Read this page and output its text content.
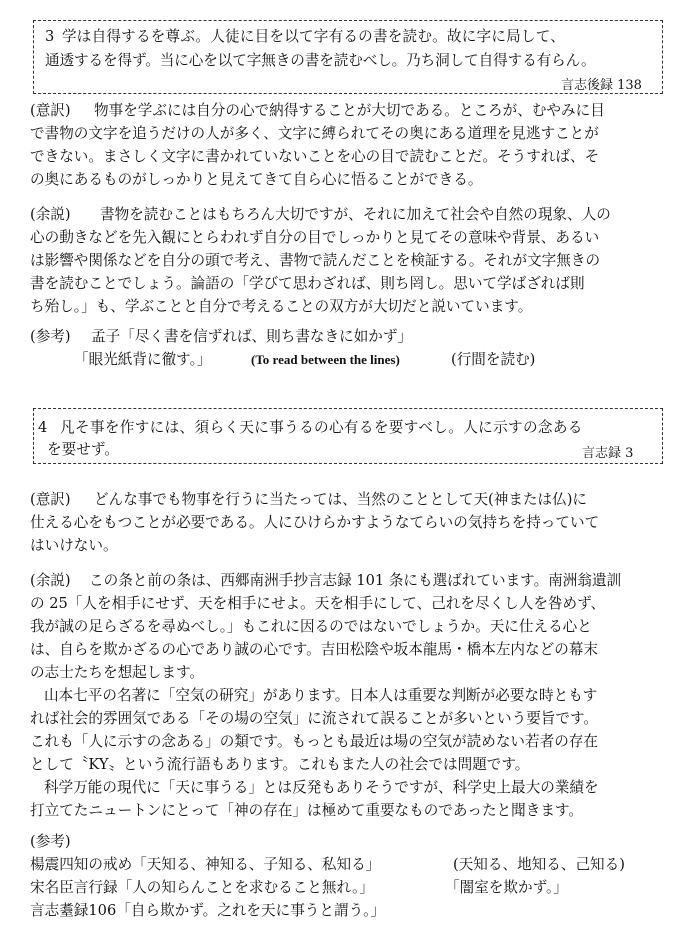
3 学は自得するを尊ぶ。人徒に目を以て字有るの書を読む。故に字に局して、
通透するを得ず。当に心を以て字無きの書を読むべし。乃ち洞して自得する有らん。
言志後録 138
(意訳) 物事を学ぶには自分の心で納得することが大切である。ところが、むやみに目
で書物の文字を追うだけの人が多く、文字に縛られてその奥にある道理を見逃すことが
できない。まさしく文字に書かれていないことを心の目で読むことだ。そうすれば、そ
の奥にあるものがしっかりと見えてきて自ら心に悟ることができる。
(余説) 書物を読むことはもちろん大切ですが、それに加えて社会や自然の現象、人の
心の動きなどを先入観にとらわれず自分の目でしっかりと見てその意味や背景、あるい
は影響や関係などを自分の頭で考え、書物で読んだことを検証する。それが文字無きの
書を読むことでしょう。論語の「学びて思わざれば、則ち罔し。思いて学ばざれば則
ち殆し。」も、学ぶことと自分で考えることの双方が大切だと説いています。
(参考) 孟子「尽く書を信ずれば、則ち書なきに如かず」
「眼光紙背に徹す。」	(To read between the lines)	(行間を読む)
4 凡そ事を作すには、須らく天に事うるの心有るを要すべし。人に示すの念ある
を要せず。	言志録 3
(意訳) どんな事でも物事を行うに当たっては、当然のこととして天(神または仏)に
仕える心をもつことが必要である。人にひけらかすようなてらいの気持ちを持っていて
はいけない。
(余説) この条と前の条は、西郷南洲手抄言志録 101 条にも選ばれています。南洲翁遺訓
の 25「人を相手にせず、天を相手にせよ。天を相手にして、己れを尽くし人を咎めず、
我が誠の足らざるを尋ぬべし。」もこれに因るのではないでしょうか。天に仕える心と
は、自らを欺かざるの心であり誠の心です。吉田松陰や坂本龍馬・橋本左内などの幕末
の志士たちを想起します。
山本七平の名著に「空気の研究」があります。日本人は重要な判断が必要な時ともす
れば社会的雰囲気である「その場の空気」に流されて誤ることが多いという要旨です。
これも「人に示すの念ある」の類です。もっとも最近は場の空気が読めない若者の存在
として〝KY〟という流行語もあります。これもまた人の社会では問題です。
科学万能の現代に「天に事うる」とは反発もありそうですが、科学史上最大の業績を
打立てたニュートンにとって「神の存在」は極めて重要なものであったと聞きます。
(参考)
楊震四知の戒め「天知る、神知る、子知る、私知る」	(天知る、地知る、己知る)
宋名臣言行録「人の知らんことを求むること無れ。」	「闇室を欺かず。」
言志耋録106「自ら欺かず。之れを天に事うと謂う。」
